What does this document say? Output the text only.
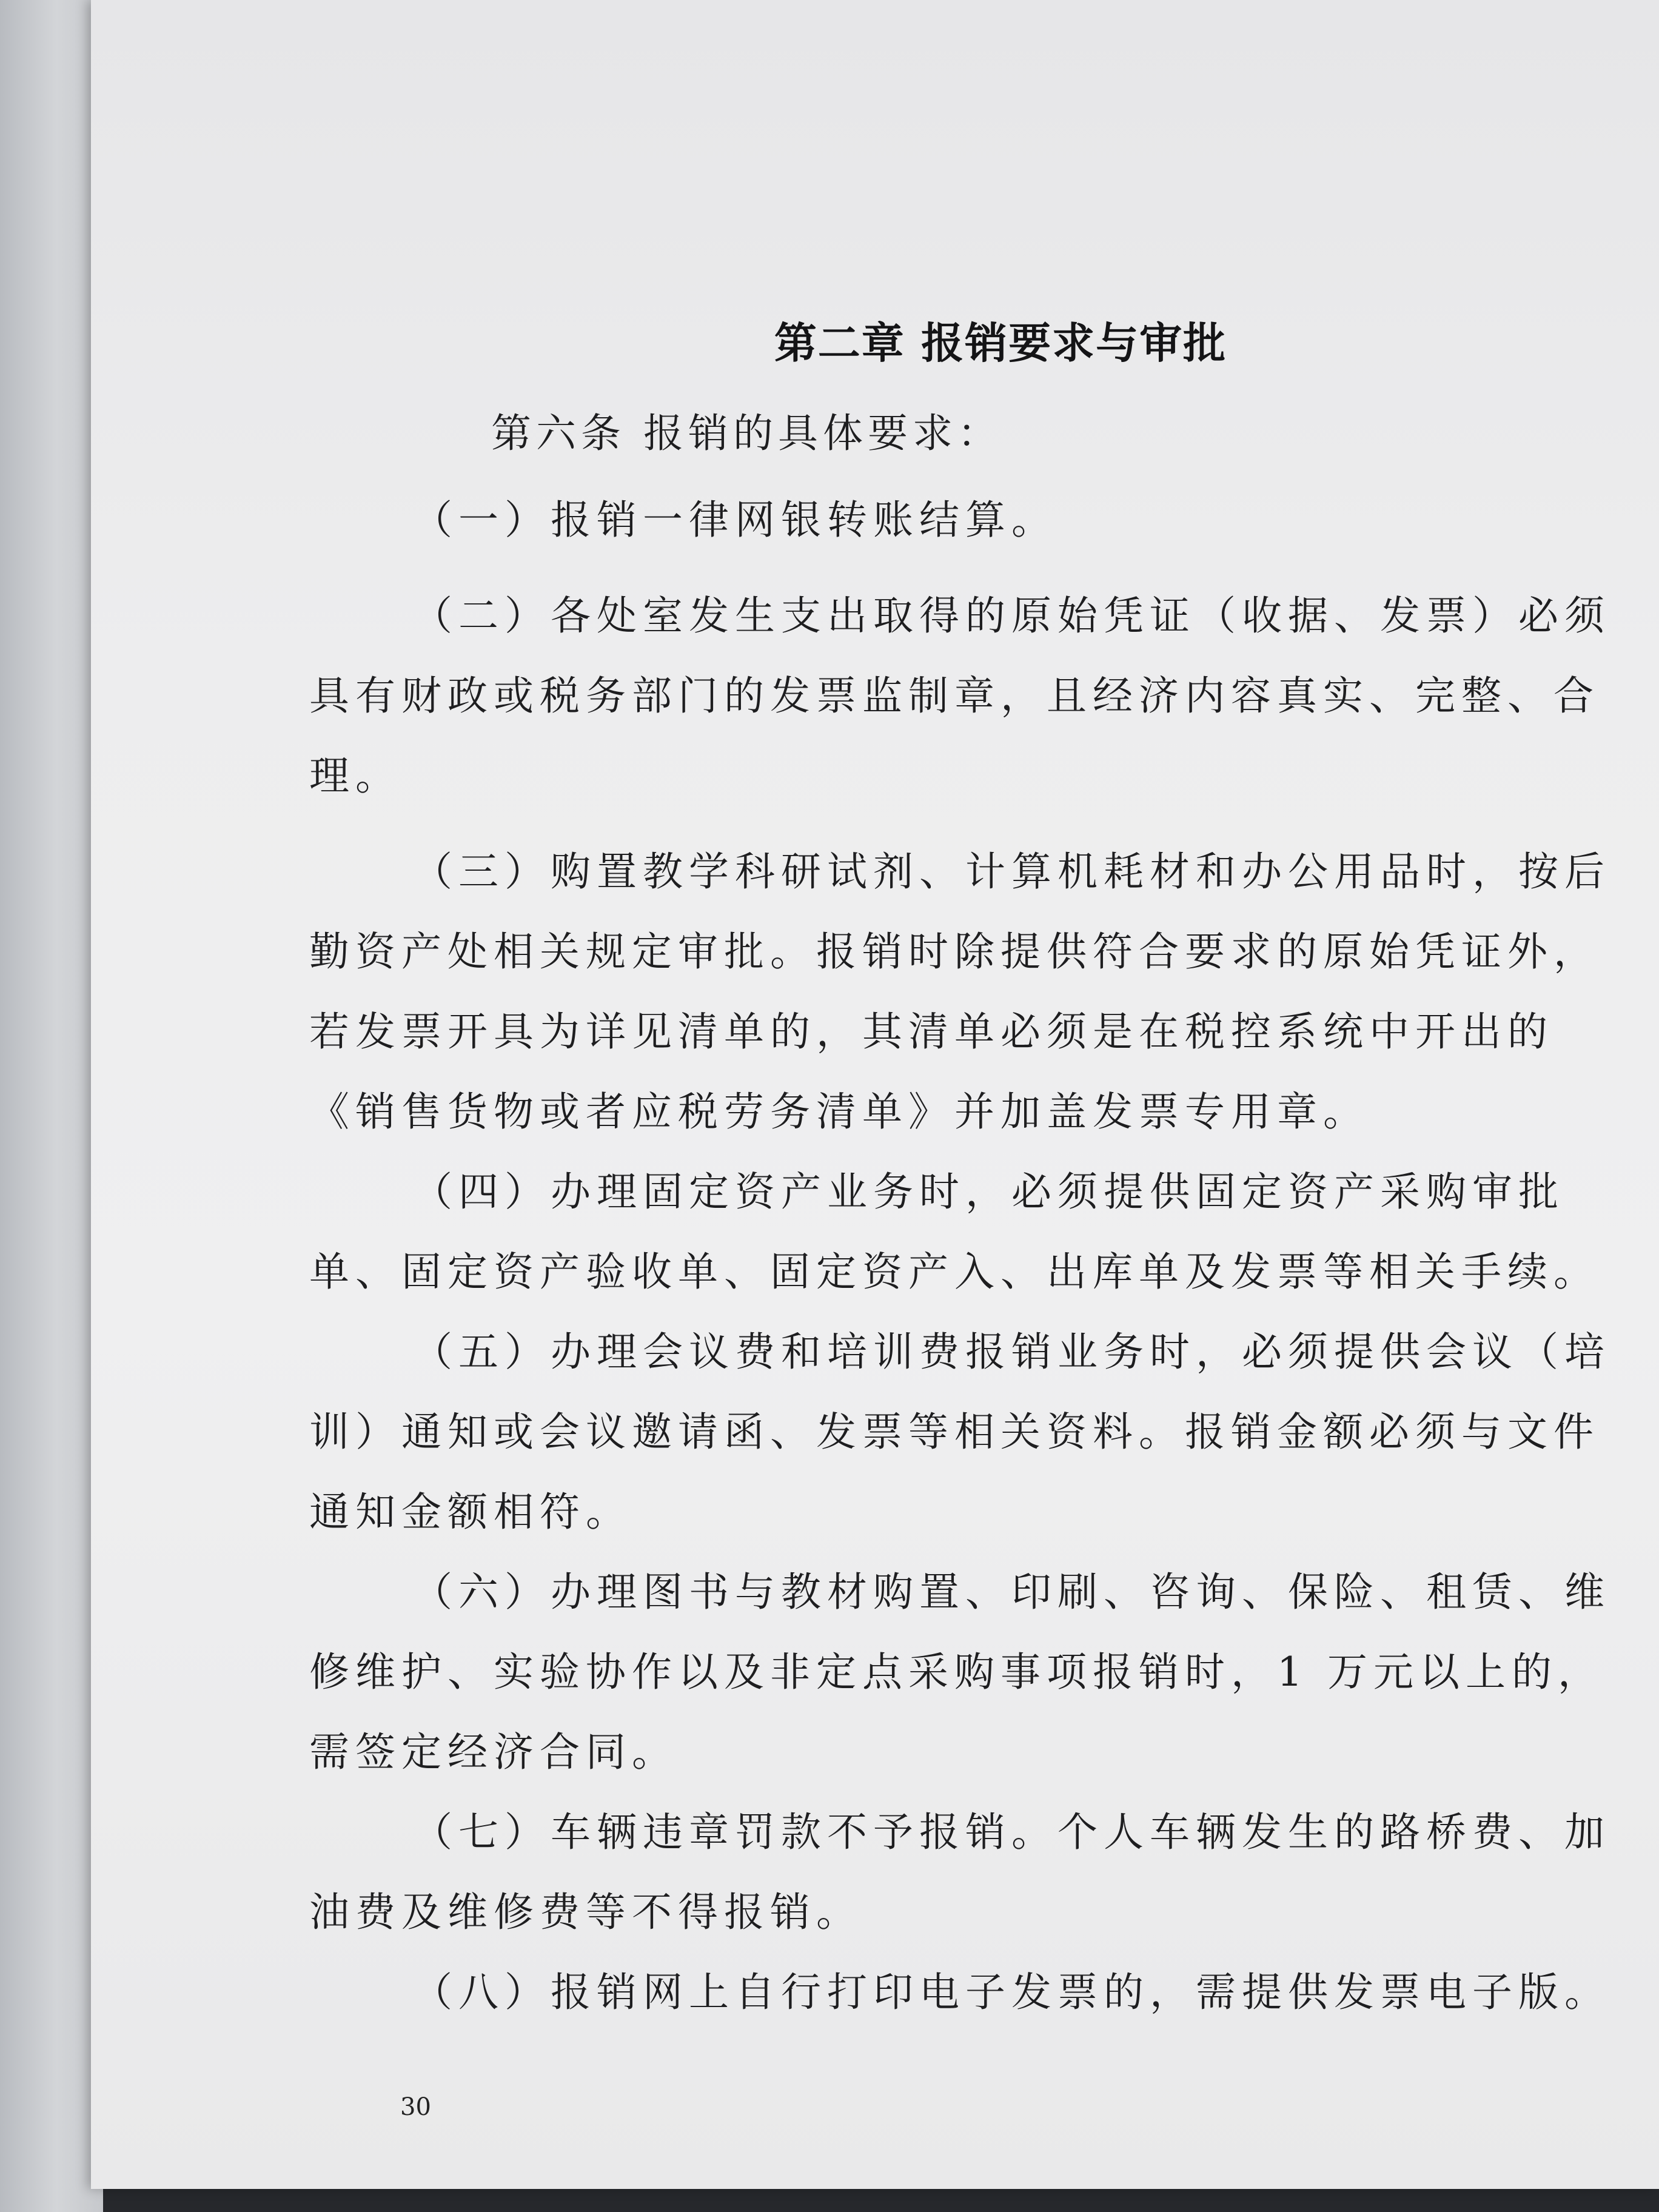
第二章 报销要求与审批

第六条 报销的具体要求：

（一）报销一律网银转账结算。

（二）各处室发生支出取得的原始凭证（收据、发票）必须具有财政或税务部门的发票监制章，且经济内容真实、完整、合理。

（三）购置教学科研试剂、计算机耗材和办公用品时，按后勤资产处相关规定审批。报销时除提供符合要求的原始凭证外，若发票开具为详见清单的，其清单必须是在税控系统中开出的《销售货物或者应税劳务清单》并加盖发票专用章。

（四）办理固定资产业务时，必须提供固定资产采购审批单、固定资产验收单、固定资产入、出库单及发票等相关手续。

（五）办理会议费和培训费报销业务时，必须提供会议（培训）通知或会议邀请函、发票等相关资料。报销金额必须与文件通知金额相符。

（六）办理图书与教材购置、印刷、咨询、保险、租赁、维修维护、实验协作以及非定点采购事项报销时，1 万元以上的，需签定经济合同。

（七）车辆违章罚款不予报销。个人车辆发生的路桥费、加油费及维修费等不得报销。

（八）报销网上自行打印电子发票的，需提供发票电子版。

30
